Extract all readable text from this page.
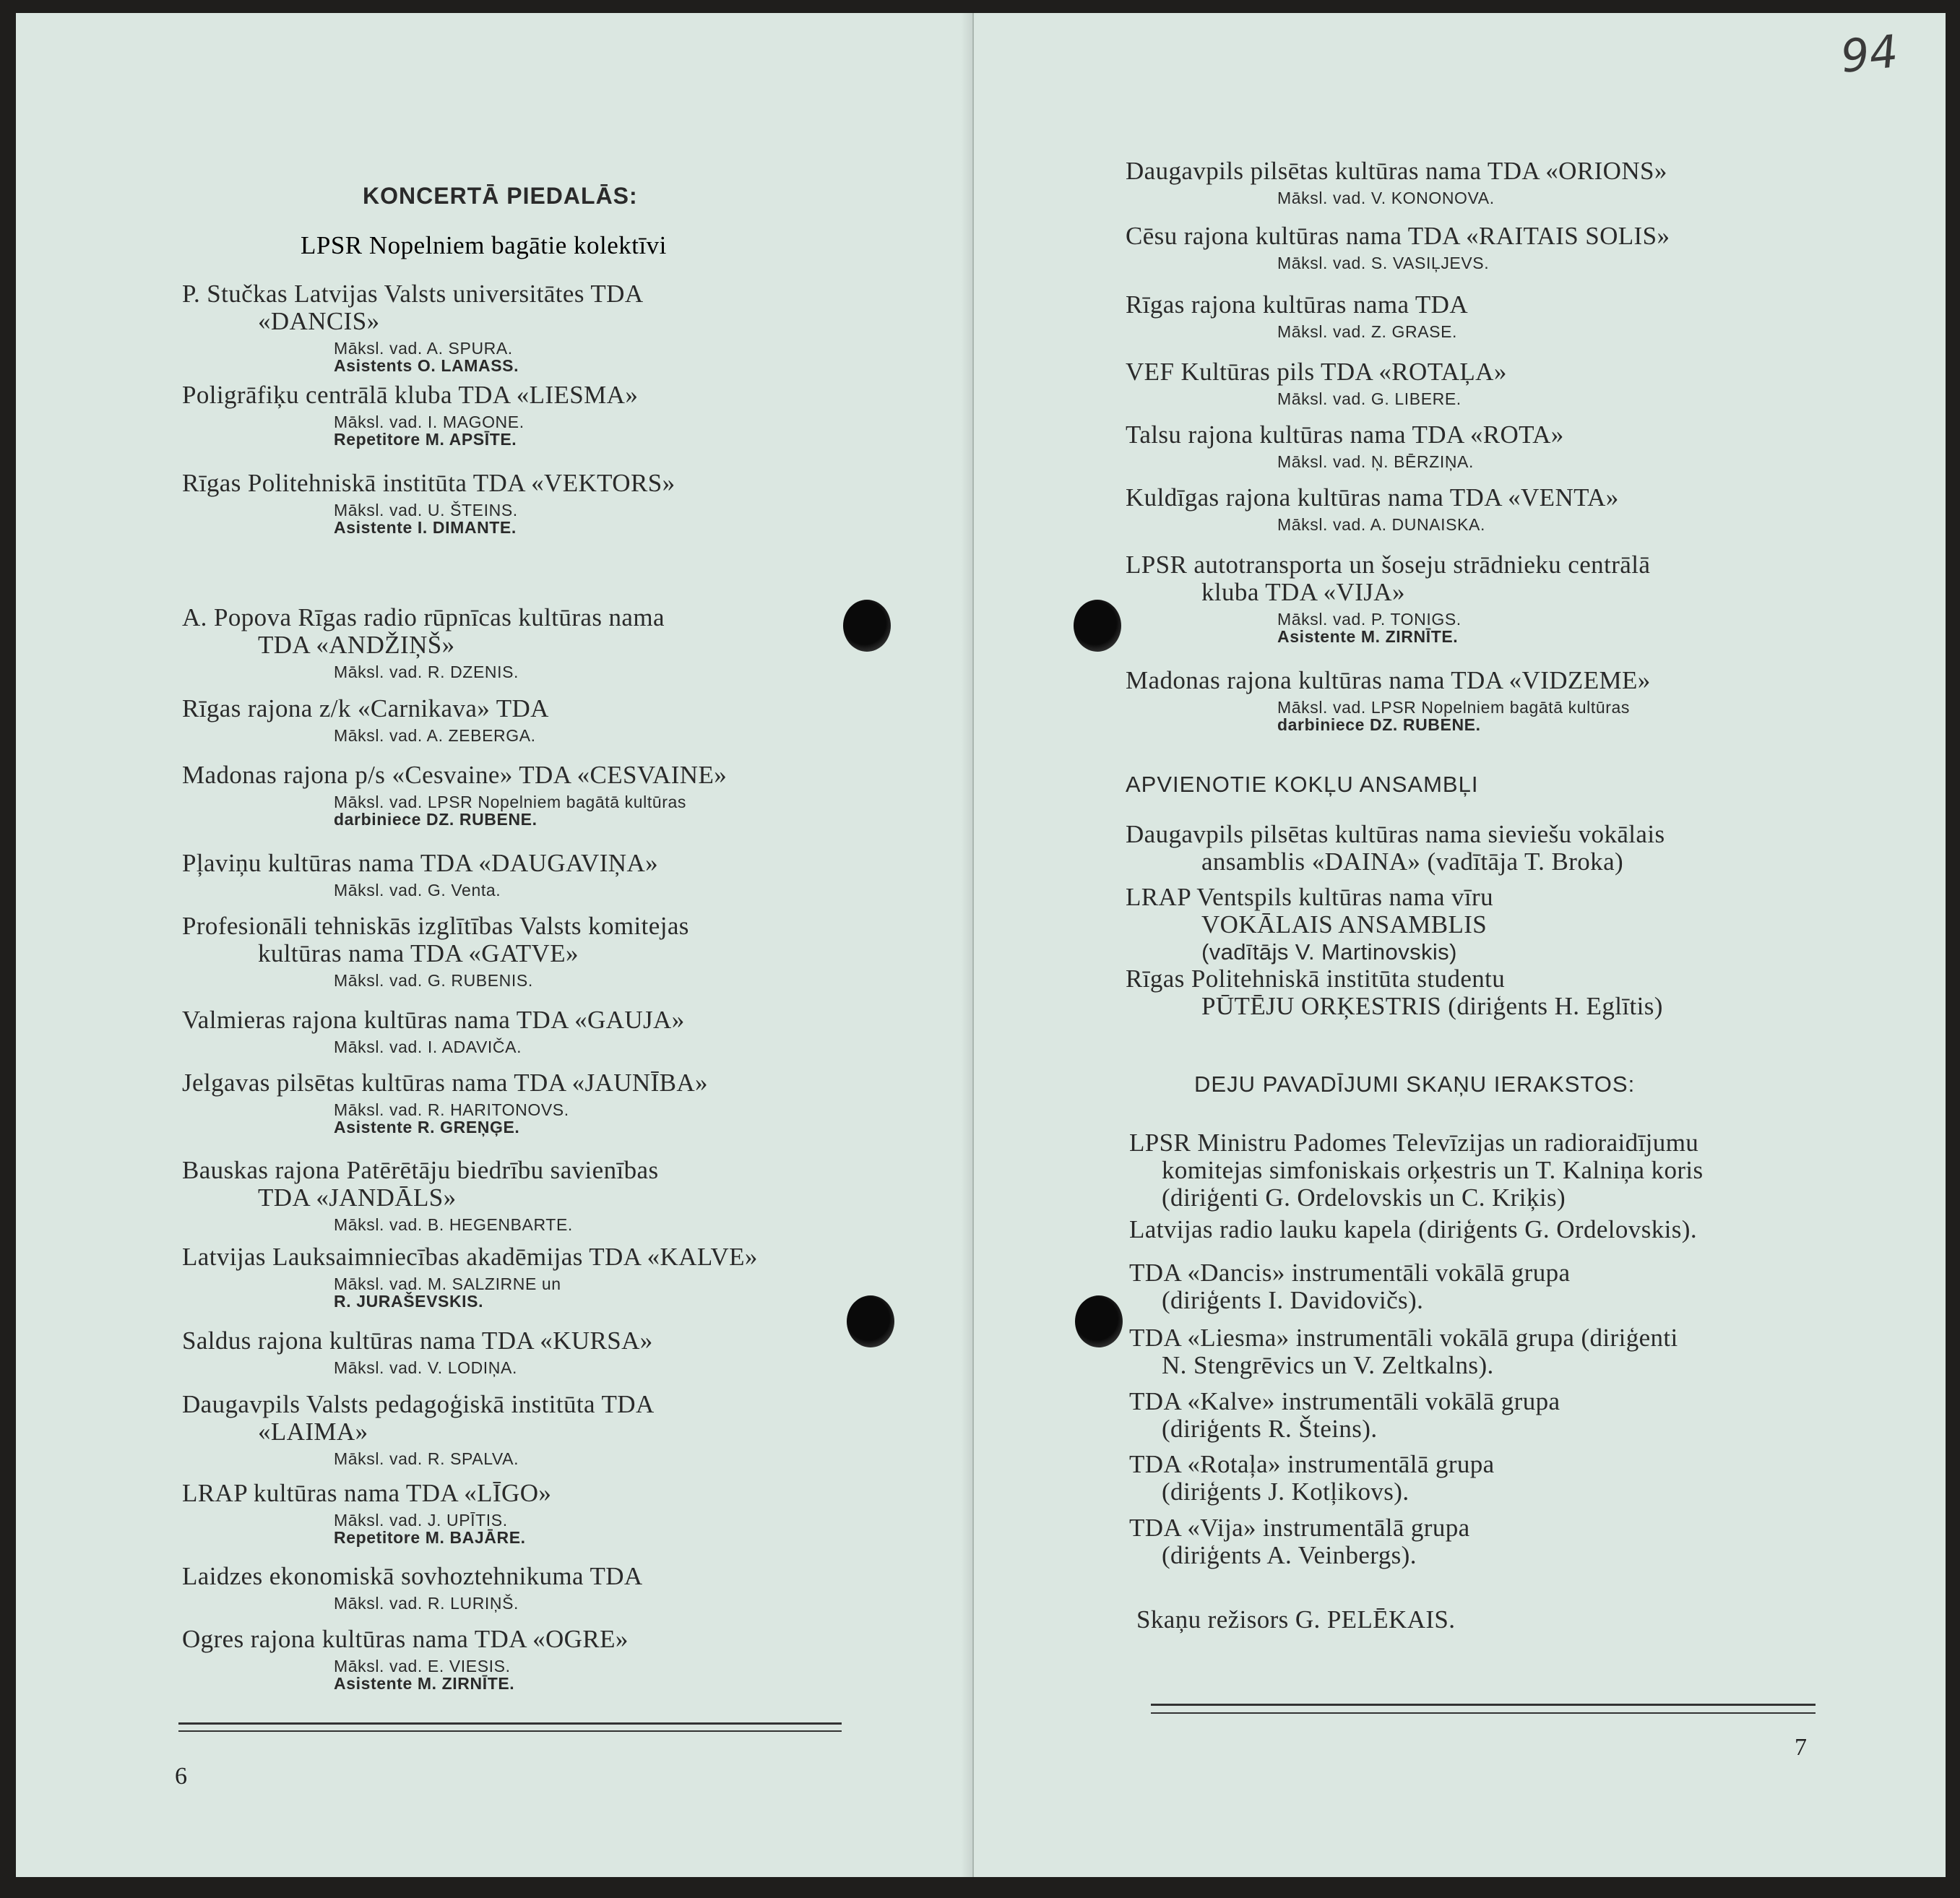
KONCERTĀ PIEDALĀS:
LPSR Nopelniem bagātie kolektīvi
P. Stučkas Latvijas Valsts universitātes TDA
«DANCIS»
Māksl. vad. A. SPURA.
Asistents O. LAMASS.
Poligrāfiķu centrālā kluba TDA «LIESMA»
Māksl. vad. I. MAGONE.
Repetitore M. APSĪTE.
Rīgas Politehniskā institūta TDA «VEKTORS»
Māksl. vad. U. ŠTEINS.
Asistente I. DIMANTE.
A. Popova Rīgas radio rūpnīcas kultūras nama
TDA «ANDŽIŅŠ»
Māksl. vad. R. DZENIS.
Rīgas rajona z/k «Carnikava» TDA
Māksl. vad. A. ZEBERGA.
Madonas rajona p/s «Cesvaine» TDA «CESVAINE»
Māksl. vad. LPSR Nopelniem bagātā kultūras
darbiniece DZ. RUBENE.
Pļaviņu kultūras nama TDA «DAUGAVIŅA»
Māksl. vad. G. Venta.
Profesionāli tehniskās izglītības Valsts komitejas
kultūras nama TDA «GATVE»
Māksl. vad. G. RUBENIS.
Valmieras rajona kultūras nama TDA «GAUJA»
Māksl. vad. I. ADAVIČA.
Jelgavas pilsētas kultūras nama TDA «JAUNĪBA»
Māksl. vad. R. HARITONOVS.
Asistente R. GREŅĢE.
Bauskas rajona Patērētāju biedrību savienības
TDA «JANDĀLS»
Māksl. vad. B. HEGENBARTE.
Latvijas Lauksaimniecības akadēmijas TDA «KALVE»
Māksl. vad. M. SALZIRNE un
R. JURAŠEVSKIS.
Saldus rajona kultūras nama TDA «KURSA»
Māksl. vad. V. LODIŅA.
Daugavpils Valsts pedagoģiskā institūta TDA
«LAIMA»
Māksl. vad. R. SPALVA.
LRAP kultūras nama TDA «LĪGO»
Māksl. vad. J. UPĪTIS.
Repetitore M. BAJĀRE.
Laidzes ekonomiskā sovhoztehnikuma TDA
Māksl. vad. R. LURIŅŠ.
Ogres rajona kultūras nama TDA «OGRE»
Māksl. vad. E. VIESIS.
Asistente M. ZIRNĪTE.
6
94
Daugavpils pilsētas kultūras nama TDA «ORIONS»
Māksl. vad. V. KONONOVA.
Cēsu rajona kultūras nama TDA «RAITAIS SOLIS»
Māksl. vad. S. VASIĻJEVS.
Rīgas rajona kultūras nama TDA
Māksl. vad. Z. GRASE.
VEF Kultūras pils TDA «ROTAĻA»
Māksl. vad. G. LIBERE.
Talsu rajona kultūras nama TDA «ROTA»
Māksl. vad. Ņ. BĒRZIŅA.
Kuldīgas rajona kultūras nama TDA «VENTA»
Māksl. vad. A. DUNAISKA.
LPSR autotransporta un šoseju strādnieku centrālā
kluba TDA «VIJA»
Māksl. vad. P. TONIGS.
Asistente M. ZIRNĪTE.
Madonas rajona kultūras nama TDA «VIDZEME»
Māksl. vad. LPSR Nopelniem bagātā kultūras
darbiniece DZ. RUBENE.
APVIENOTIE KOKĻU ANSAMBĻI
Daugavpils pilsētas kultūras nama sieviešu vokālais
ansamblis «DAINA» (vadītāja T. Broka)
LRAP Ventspils kultūras nama vīru
VOKĀLAIS ANSAMBLIS
(vadītājs V. Martinovskis)
Rīgas Politehniskā institūta studentu
PŪTĒJU ORĶESTRIS (diriģents H. Eglītis)
DEJU PAVADĪJUMI SKAŅU IERAKSTOS:
LPSR Ministru Padomes Televīzijas un radioraidījumu
komitejas simfoniskais orķestris un T. Kalniņa koris
(diriģenti G. Ordelovskis un C. Kriķis)
Latvijas radio lauku kapela (diriģents G. Ordelovskis).
TDA «Dancis» instrumentāli vokālā grupa
(diriģents I. Davidovičs).
TDA «Liesma» instrumentāli vokālā grupa (diriģenti
N. Stengrēvics un V. Zeltkalns).
TDA «Kalve» instrumentāli vokālā grupa
(diriģents R. Šteins).
TDA «Rotaļa» instrumentālā grupa
(diriģents J. Kotļikovs).
TDA «Vija» instrumentālā grupa
(diriģents A. Veinbergs).
Skaņu režisors G. PELĒKAIS.
7
